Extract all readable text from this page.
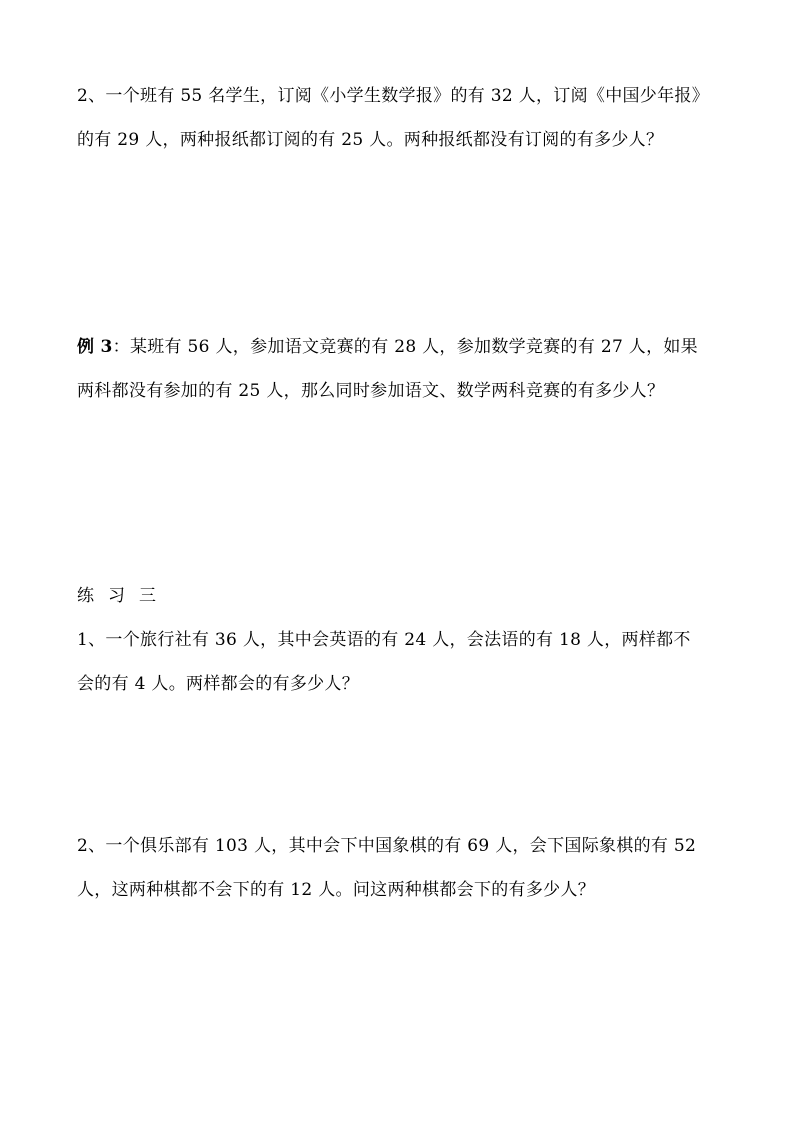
2、一个班有 55 名学生，订阅《小学生数学报》的有 32 人，订阅《中国少年报》
的有 29 人，两种报纸都订阅的有 25 人。两种报纸都没有订阅的有多少人？
例 3：某班有 56 人，参加语文竞赛的有 28 人，参加数学竞赛的有 27 人，如果
两科都没有参加的有 25 人，那么同时参加语文、数学两科竞赛的有多少人？
练习三
1、一个旅行社有 36 人，其中会英语的有 24 人，会法语的有 18 人，两样都不
会的有 4 人。两样都会的有多少人？
2、一个俱乐部有 103 人，其中会下中国象棋的有 69 人，会下国际象棋的有 52
人，这两种棋都不会下的有 12 人。问这两种棋都会下的有多少人？
